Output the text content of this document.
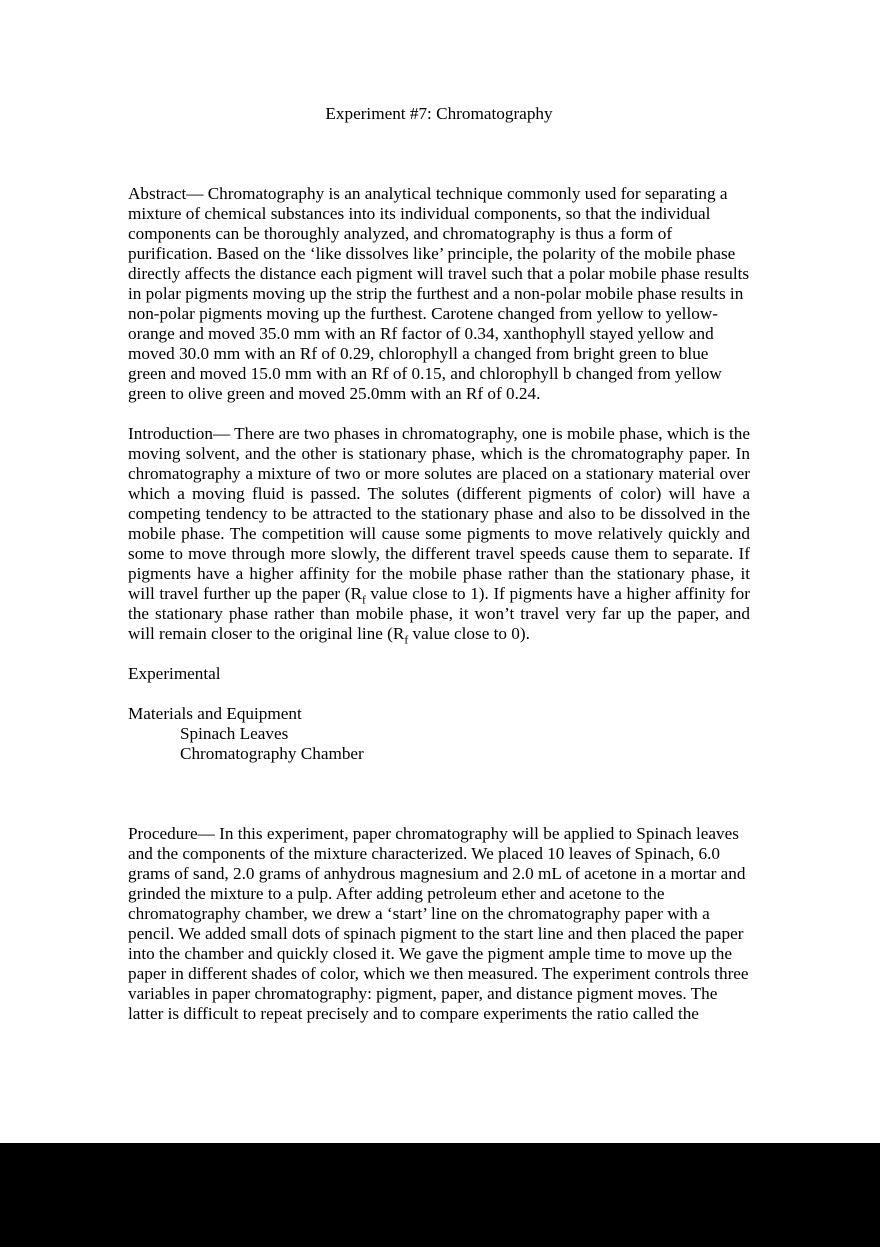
Experiment #7: Chromatography

Abstract— Chromatography is an analytical technique commonly used for separating a mixture of chemical substances into its individual components, so that the individual components can be thoroughly analyzed, and chromatography is thus a form of purification. Based on the ‘like dissolves like’ principle, the polarity of the mobile phase directly affects the distance each pigment will travel such that a polar mobile phase results in polar pigments moving up the strip the furthest and a non-polar mobile phase results in non-polar pigments moving up the furthest. Carotene changed from yellow to yellow-orange and moved 35.0 mm with an Rf factor of 0.34, xanthophyll stayed yellow and moved 30.0 mm with an Rf of 0.29, chlorophyll a changed from bright green to blue green and moved 15.0 mm with an Rf of 0.15, and chlorophyll b changed from yellow green to olive green and moved 25.0mm with an Rf of 0.24.

Introduction— There are two phases in chromatography, one is mobile phase, which is the moving solvent, and the other is stationary phase, which is the chromatography paper. In chromatography a mixture of two or more solutes are placed on a stationary material over which a moving fluid is passed. The solutes (different pigments of color) will have a competing tendency to be attracted to the stationary phase and also to be dissolved in the mobile phase. The competition will cause some pigments to move relatively quickly and some to move through more slowly, the different travel speeds cause them to separate. If pigments have a higher affinity for the mobile phase rather than the stationary phase, it will travel further up the paper ($R_f$ value close to 1). If pigments have a higher affinity for the stationary phase rather than mobile phase, it won’t travel very far up the paper, and will remain closer to the original line ($R_f$ value close to 0).

Experimental

Materials and Equipment

Spinach Leaves

Chromatography Chamber

Procedure— In this experiment, paper chromatography will be applied to Spinach leaves and the components of the mixture characterized. We placed 10 leaves of Spinach, 6.0 grams of sand, 2.0 grams of anhydrous magnesium and 2.0 mL of acetone in a mortar and grinded the mixture to a pulp. After adding petroleum ether and acetone to the chromatography chamber, we drew a ‘start’ line on the chromatography paper with a pencil. We added small dots of spinach pigment to the start line and then placed the paper into the chamber and quickly closed it. We gave the pigment ample time to move up the paper in different shades of color, which we then measured. The experiment controls three variables in paper chromatography: pigment, paper, and distance pigment moves. The latter is difficult to repeat precisely and to compare experiments the ratio called the
